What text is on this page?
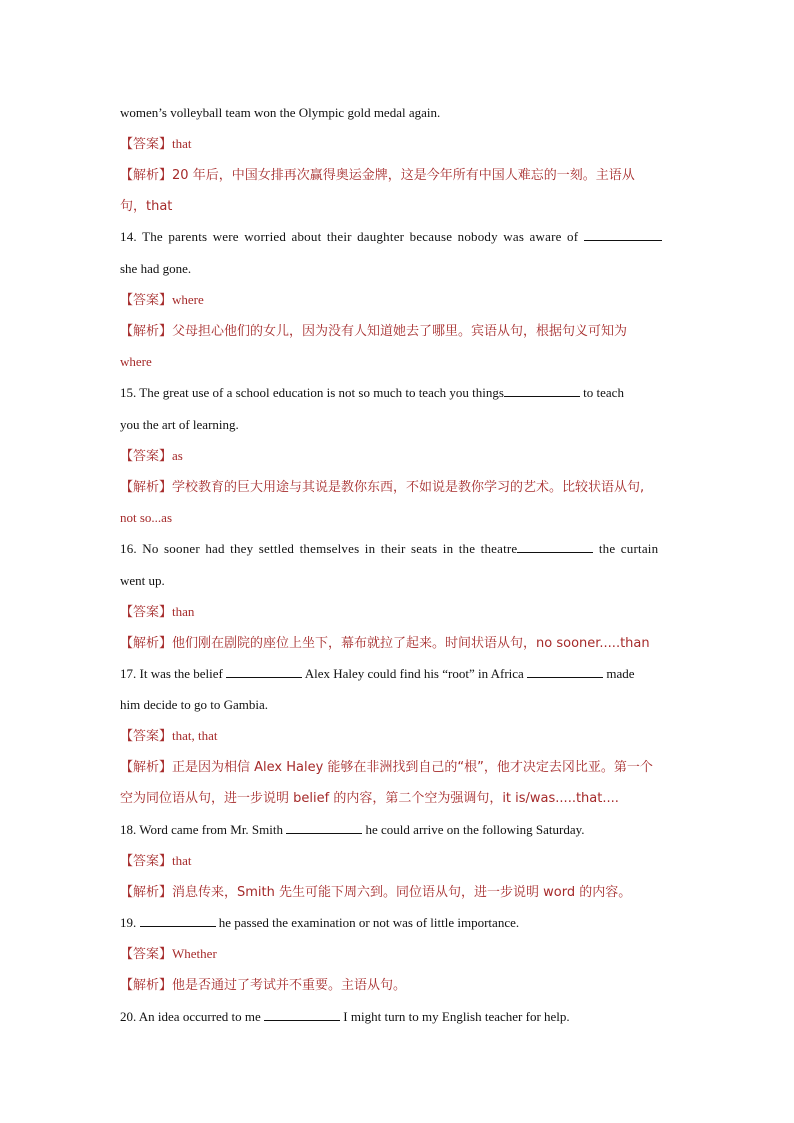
women’s volleyball team won the Olympic gold medal again.
【答案】that
【解析】20 年后，中国女排再次赢得奥运金牌，这是今年所有中国人难忘的一刻。主语从
句，that
14. The parents were worried about their daughter because nobody was aware of
she had gone.
【答案】where
【解析】父母担心他们的女儿，因为没有人知道她去了哪里。宾语从句，根据句义可知为
where
15. The great use of a school education is not so much to teach you things	to teach
you the art of learning.
【答案】as
【解析】学校教育的巨大用途与其说是教你东西，不如说是教你学习的艺术。比较状语从句,
not so...as
16. No sooner had they settled themselves in their seats in the theatre	the curtain
went up.
【答案】than
【解析】他们刚在剧院的座位上坐下，幕布就拉了起来。时间状语从句，no sooner.....than
17. It was the belief	Alex Haley could find his “root” in Africa	made
him decide to go to Gambia.
【答案】that, that
【解析】正是因为相信 Alex Haley 能够在非洲找到自己的“根”，他才决定去冈比亚。第一个
空为同位语从句，进一步说明 belief 的内容，第二个空为强调句，it is/was.....that....
18. Word came from Mr. Smith	he could arrive on the following Saturday.
【答案】that
【解析】消息传来，Smith 先生可能下周六到。同位语从句，进一步说明 word 的内容。
19.	he passed the examination or not was of little importance.
【答案】Whether
【解析】他是否通过了考试并不重要。主语从句。
20. An idea occurred to me	I might turn to my English teacher for help.
